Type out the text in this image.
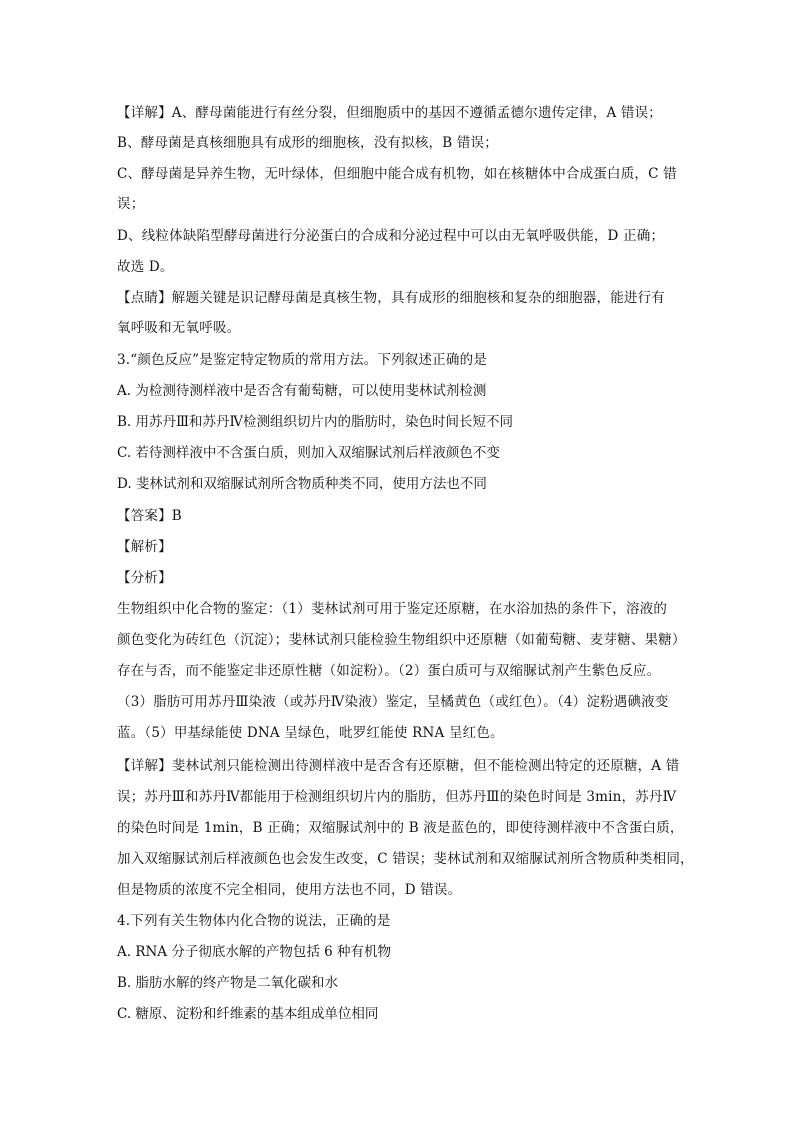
【详解】A、酵母菌能进行有丝分裂，但细胞质中的基因不遵循孟德尔遗传定律，A 错误；
B、酵母菌是真核细胞具有成形的细胞核，没有拟核，B 错误；
C、酵母菌是异养生物，无叶绿体，但细胞中能合成有机物，如在核糖体中合成蛋白质，C 错
误；
D、线粒体缺陷型酵母菌进行分泌蛋白的合成和分泌过程中可以由无氧呼吸供能，D 正确；
故选 D。
【点睛】解题关键是识记酵母菌是真核生物，具有成形的细胞核和复杂的细胞器，能进行有
氧呼吸和无氧呼吸。
3.“颜色反应”是鉴定特定物质的常用方法。下列叙述正确的是
A. 为检测待测样液中是否含有葡萄糖，可以使用斐林试剂检测
B. 用苏丹Ⅲ和苏丹Ⅳ检测组织切片内的脂肪时，染色时间长短不同
C. 若待测样液中不含蛋白质，则加入双缩脲试剂后样液颜色不变
D. 斐林试剂和双缩脲试剂所含物质种类不同，使用方法也不同
【答案】B
【解析】
【分析】
生物组织中化合物的鉴定：（1）斐林试剂可用于鉴定还原糖，在水浴加热的条件下，溶液的
颜色变化为砖红色（沉淀）；斐林试剂只能检验生物组织中还原糖（如葡萄糖、麦芽糖、果糖）
存在与否，而不能鉴定非还原性糖（如淀粉）。（2）蛋白质可与双缩脲试剂产生紫色反应。
（3）脂肪可用苏丹Ⅲ染液（或苏丹Ⅳ染液）鉴定，呈橘黄色（或红色）。（4）淀粉遇碘液变
蓝。（5）甲基绿能使 DNA 呈绿色，吡罗红能使 RNA 呈红色。
【详解】斐林试剂只能检测出待测样液中是否含有还原糖，但不能检测出特定的还原糖，A 错
误；苏丹Ⅲ和苏丹Ⅳ都能用于检测组织切片内的脂肪，但苏丹Ⅲ的染色时间是 3min，苏丹Ⅳ
的染色时间是 1min，B 正确；双缩脲试剂中的 B 液是蓝色的，即使待测样液中不含蛋白质，
加入双缩脲试剂后样液颜色也会发生改变，C 错误；斐林试剂和双缩脲试剂所含物质种类相同，
但是物质的浓度不完全相同，使用方法也不同，D 错误。
4.下列有关生物体内化合物的说法，正确的是
A. RNA 分子彻底水解的产物包括 6 种有机物
B. 脂肪水解的终产物是二氧化碳和水
C. 糖原、淀粉和纤维素的基本组成单位相同
